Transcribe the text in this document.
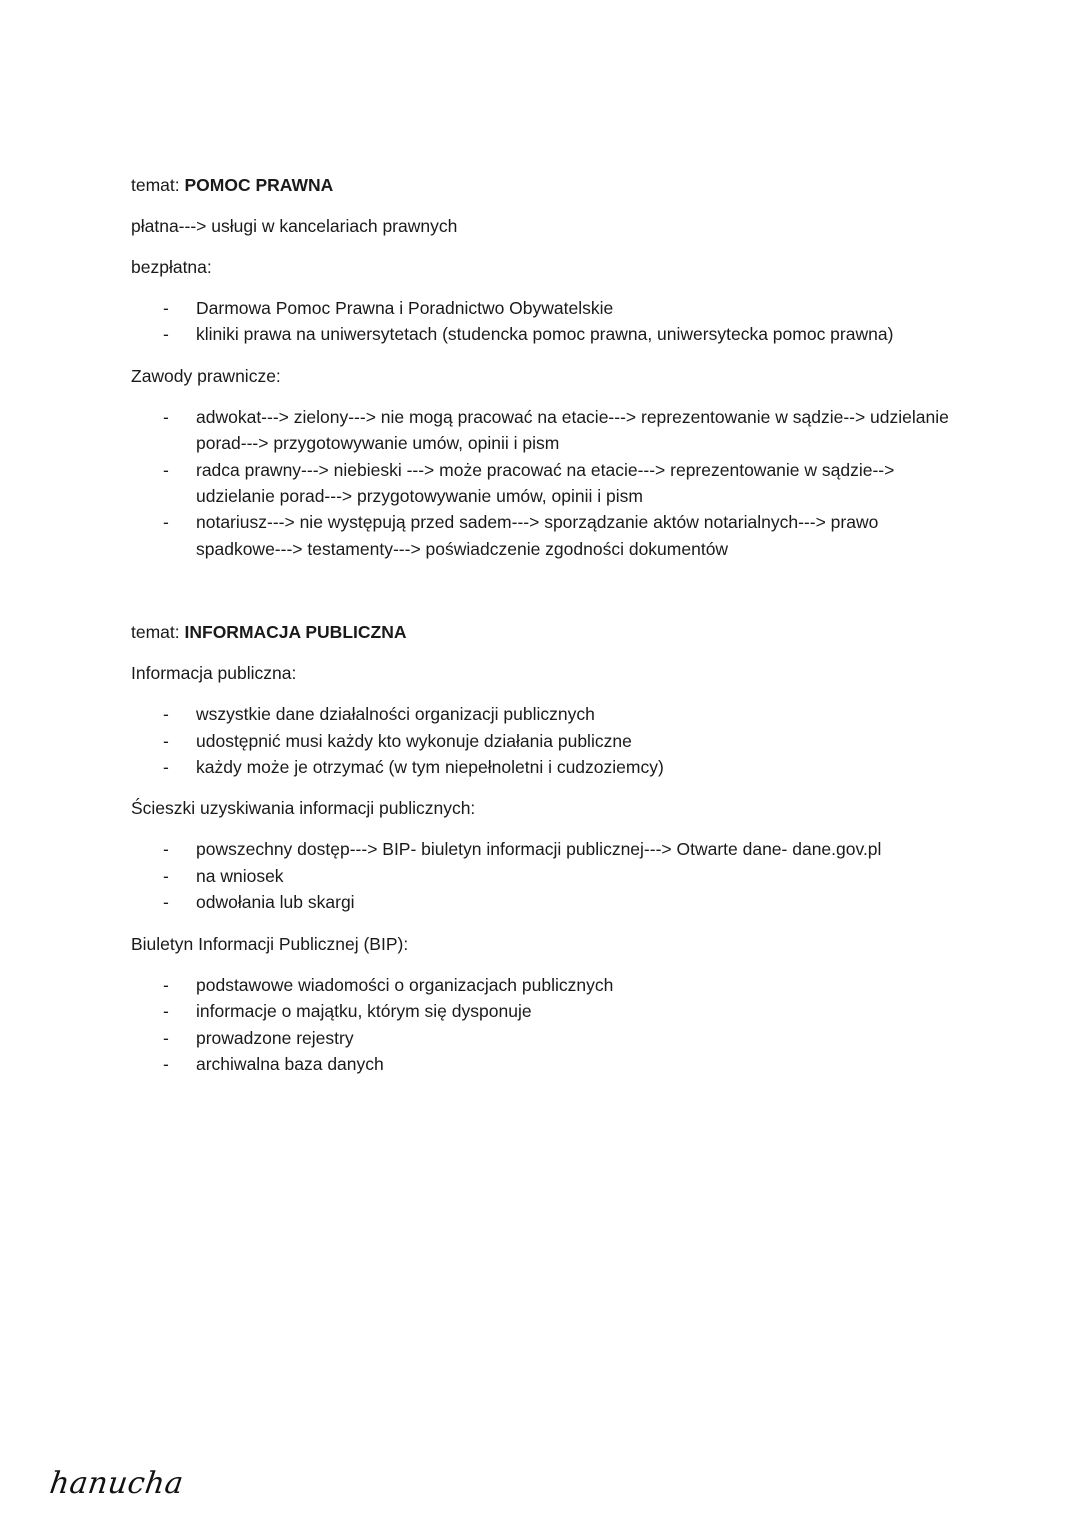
temat: POMOC PRAWNA

płatna---> usługi w kancelariach prawnych

bezpłatna:

- Darmowa Pomoc Prawna i Poradnictwo Obywatelskie
- kliniki prawa na uniwersytetach (studencka pomoc prawna, uniwersytecka pomoc prawna)

Zawody prawnicze:

- adwokat---> zielony---> nie mogą pracować na etacie---> reprezentowanie w sądzie--> udzielanie porad---> przygotowywanie umów, opinii i pism
- radca prawny---> niebieski ---> może pracować na etacie---> reprezentowanie w sądzie--> udzielanie porad---> przygotowywanie umów, opinii i pism
- notariusz---> nie występują przed sadem---> sporządzanie aktów notarialnych---> prawo spadkowe---> testamenty---> poświadczenie zgodności dokumentów

temat: INFORMACJA PUBLICZNA

Informacja publiczna:

- wszystkie dane działalności organizacji publicznych
- udostępnić musi każdy kto wykonuje działania publiczne
- każdy może je otrzymać (w tym niepełnoletni i cudzoziemcy)

Ścieszki uzyskiwania informacji publicznych:

- powszechny dostęp---> BIP- biuletyn informacji publicznej---> Otwarte dane- dane.gov.pl
- na wniosek
- odwołania lub skargi

Biuletyn Informacji Publicznej (BIP):

- podstawowe wiadomości o organizacjach publicznych
- informacje o majątku, którym się dysponuje
- prowadzone rejestry
- archiwalna baza danych
hanucha
